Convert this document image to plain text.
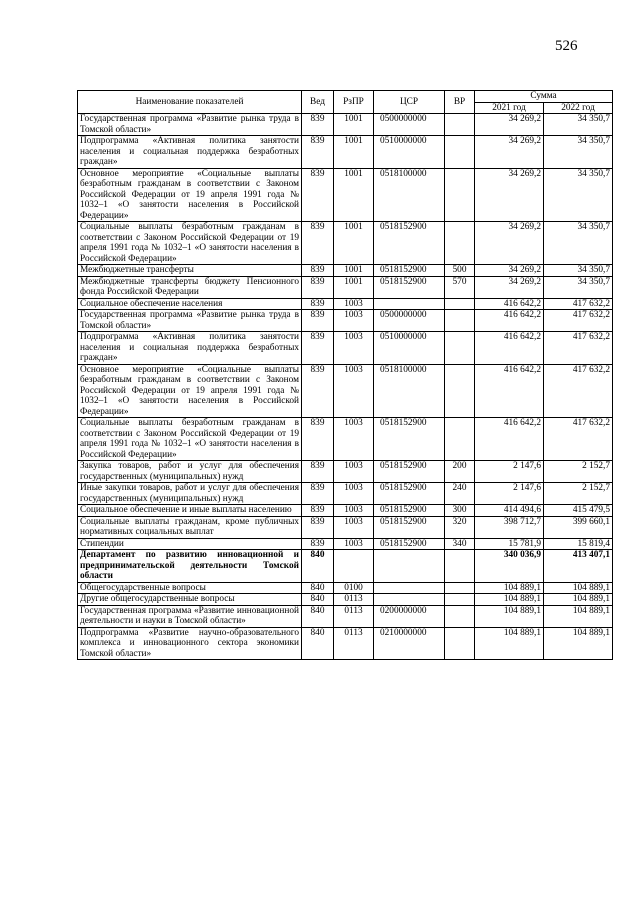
526
Наименование показателей	Вед	РзПР	ЦСР	ВР	Сумма	
					2021 год	2022 год
Государственная программа «Развитие рынка труда в Томской области»	839	1001	0500000000		34 269,2	34 350,7
Подпрограмма «Активная политика занятости населения и социальная поддержка безработных граждан»	839	1001	0510000000		34 269,2	34 350,7
Основное мероприятие «Социальные выплаты безработным гражданам в соответствии с Законом Российской Федерации от 19 апреля 1991 года № 1032–1 «О занятости населения в Российской Федерации»	839	1001	0518100000		34 269,2	34 350,7
Социальные выплаты безработным гражданам в соответствии с Законом Российской Федерации от 19 апреля 1991 года № 1032–1 «О занятости населения в Российской Федерации»	839	1001	0518152900		34 269,2	34 350,7
Межбюджетные трансферты	839	1001	0518152900	500	34 269,2	34 350,7
Межбюджетные трансферты бюджету Пенсионного фонда Российской Федерации	839	1001	0518152900	570	34 269,2	34 350,7
Социальное обеспечение населения	839	1003			416 642,2	417 632,2
Государственная программа «Развитие рынка труда в Томской области»	839	1003	0500000000		416 642,2	417 632,2
Подпрограмма «Активная политика занятости населения и социальная поддержка безработных граждан»	839	1003	0510000000		416 642,2	417 632,2
Основное мероприятие «Социальные выплаты безработным гражданам в соответствии с Законом Российской Федерации от 19 апреля 1991 года № 1032–1 «О занятости населения в Российской Федерации»	839	1003	0518100000		416 642,2	417 632,2
Социальные выплаты безработным гражданам в соответствии с Законом Российской Федерации от 19 апреля 1991 года № 1032–1 «О занятости населения в Российской Федерации»	839	1003	0518152900		416 642,2	417 632,2
Закупка товаров, работ и услуг для обеспечения государственных (муниципальных) нужд	839	1003	0518152900	200	2 147,6	2 152,7
Иные закупки товаров, работ и услуг для обеспечения государственных (муниципальных) нужд	839	1003	0518152900	240	2 147,6	2 152,7
Социальное обеспечение и иные выплаты населению	839	1003	0518152900	300	414 494,6	415 479,5
Социальные выплаты гражданам, кроме публичных нормативных социальных выплат	839	1003	0518152900	320	398 712,7	399 660,1
Стипендии	839	1003	0518152900	340	15 781,9	15 819,4
Департамент по развитию инновационной и предпринимательской деятельности Томской области	840				340 036,9	413 407,1
Общегосударственные вопросы	840	0100			104 889,1	104 889,1
Другие общегосударственные вопросы	840	0113			104 889,1	104 889,1
Государственная программа «Развитие инновационной деятельности и науки в Томской области»	840	0113	0200000000		104 889,1	104 889,1
Подпрограмма «Развитие научно-образовательного комплекса и инновационного сектора экономики Томской области»	840	0113	0210000000		104 889,1	104 889,1
